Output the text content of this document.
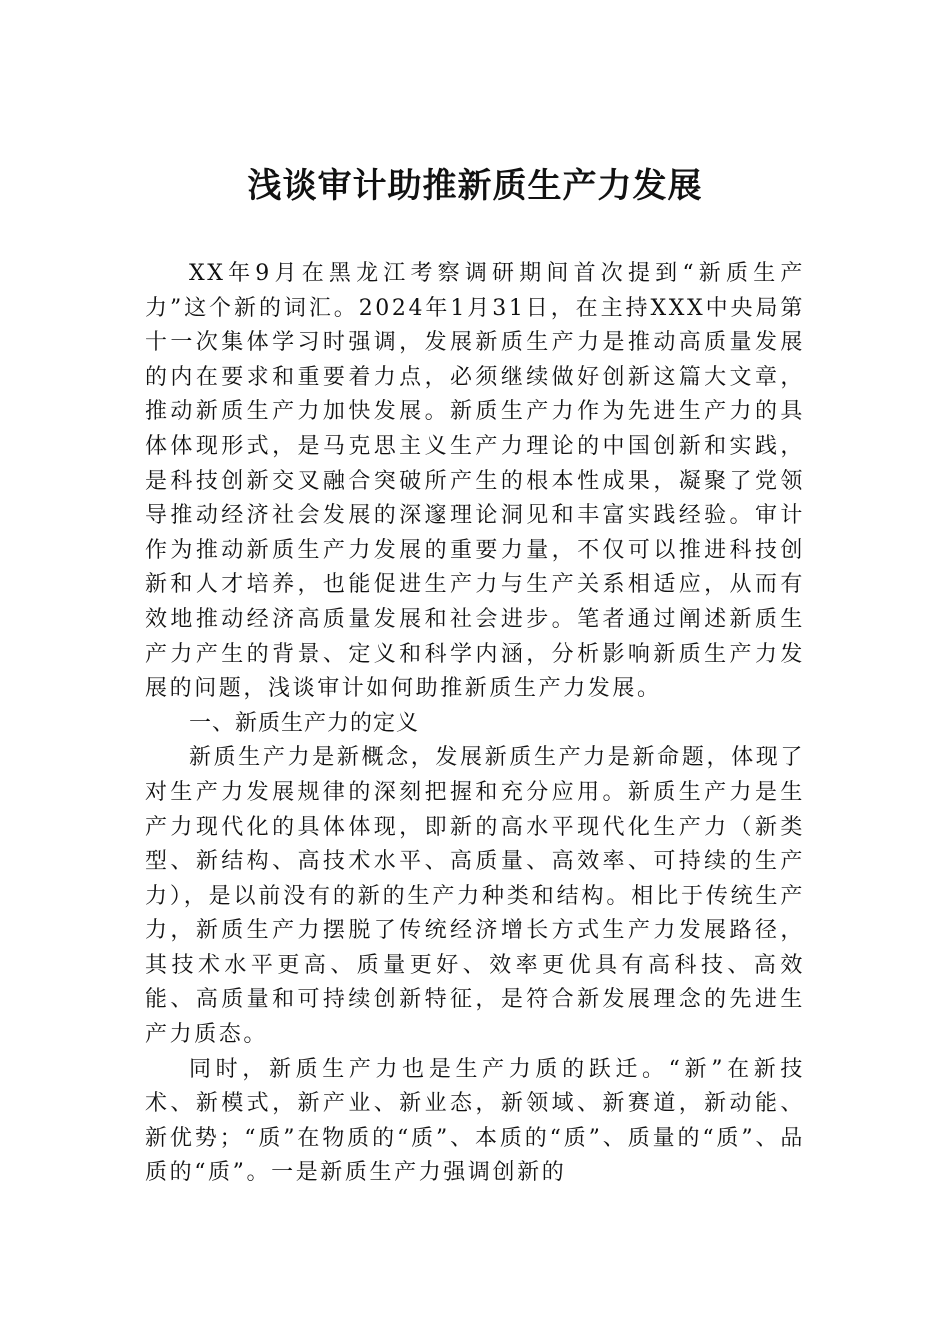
浅谈审计助推新质生产力发展

XX年9月在黑龙江考察调研期间首次提到“新质生产力”这个新的词汇。2024年1月31日，在主持XXX中央局第十一次集体学习时强调，发展新质生产力是推动高质量发展的内在要求和重要着力点，必须继续做好创新这篇大文章，推动新质生产力加快发展。新质生产力作为先进生产力的具体体现形式，是马克思主义生产力理论的中国创新和实践，是科技创新交叉融合突破所产生的根本性成果，凝聚了党领导推动经济社会发展的深邃理论洞见和丰富实践经验。审计作为推动新质生产力发展的重要力量，不仅可以推进科技创新和人才培养，也能促进生产力与生产关系相适应，从而有效地推动经济高质量发展和社会进步。笔者通过阐述新质生产力产生的背景、定义和科学内涵，分析影响新质生产力发展的问题，浅谈审计如何助推新质生产力发展。

一、新质生产力的定义

新质生产力是新概念，发展新质生产力是新命题，体现了对生产力发展规律的深刻把握和充分应用。新质生产力是生产力现代化的具体体现，即新的高水平现代化生产力（新类型、新结构、高技术水平、高质量、高效率、可持续的生产力），是以前没有的新的生产力种类和结构。相比于传统生产力，新质生产力摆脱了传统经济增长方式生产力发展路径，其技术水平更高、质量更好、效率更优具有高科技、高效能、高质量和可持续创新特征，是符合新发展理念的先进生产力质态。

同时，新质生产力也是生产力质的跃迁。“新”在新技术、新模式，新产业、新业态，新领域、新赛道，新动能、新优势；“质”在物质的“质”、本质的“质”、质量的“质”、品质的“质”。一是新质生产力强调创新的
